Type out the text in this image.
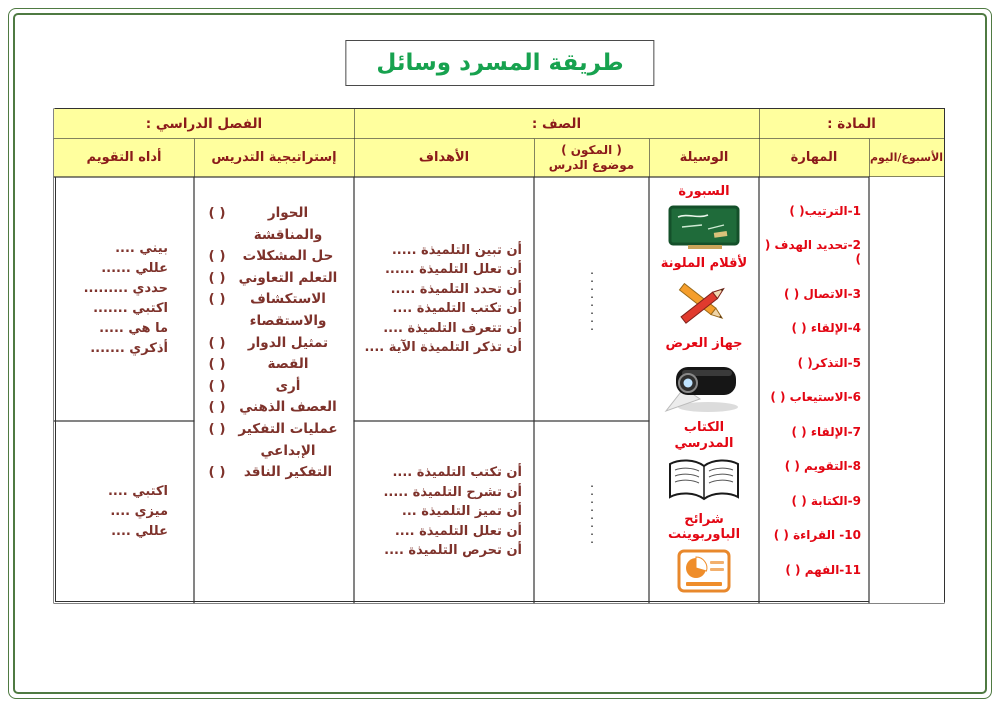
طريقة المسرد وسائل
المادة :
الصف :
الفصل الدراسي :
الأسبوع/اليوم
المهارة
الوسيلة
( المكون ) موضوع الدرس
الأهداف
إستراتيجية التدريس
أداه التقويم
1-الترتيب( )
2-تحديد الهدف ( )
3-الاتصال ( )
4-الإلقاء ( )
5-التذكر( )
6-الاستيعاب ( )
7-الإلقاء ( )
8-التقويم ( )
9-الكتابة ( )
10- القراءة ( )
11-الفهم ( )
السبورة
لأقلام الملونة
جهاز العرض
الكتاب المدرسي
شرائح الباوربوينت
........
........
أن تبين التلميذة .....
أن تعلل التلميذة ......
أن تحدد التلميذة .....
أن تكتب التلميذة ....
أن تتعرف التلميذة ....
أن تذكر التلميذة الآية ....
أن تكتب التلميذة ....
أن تشرح التلميذة .....
أن تميز التلميذة ...
أن تعلل التلميذة ....
أن تحرص التلميذة ....
الحوار
( )
والمناقشة
حل المشكلات
( )
التعلم التعاوني
( )
الاستكشاف
( )
والاستقصاء
تمثيل الدوار
( )
القصة
( )
أرى
( )
العصف الذهني
( )
عمليات التفكير
( )
الإبداعي
التفكير الناقد
( )
بيني ....
عللي ......
حددي .........
اكتبي .......
ما هي .....
أذكري .......
اكتبي ....
ميزي ....
عللي ....
